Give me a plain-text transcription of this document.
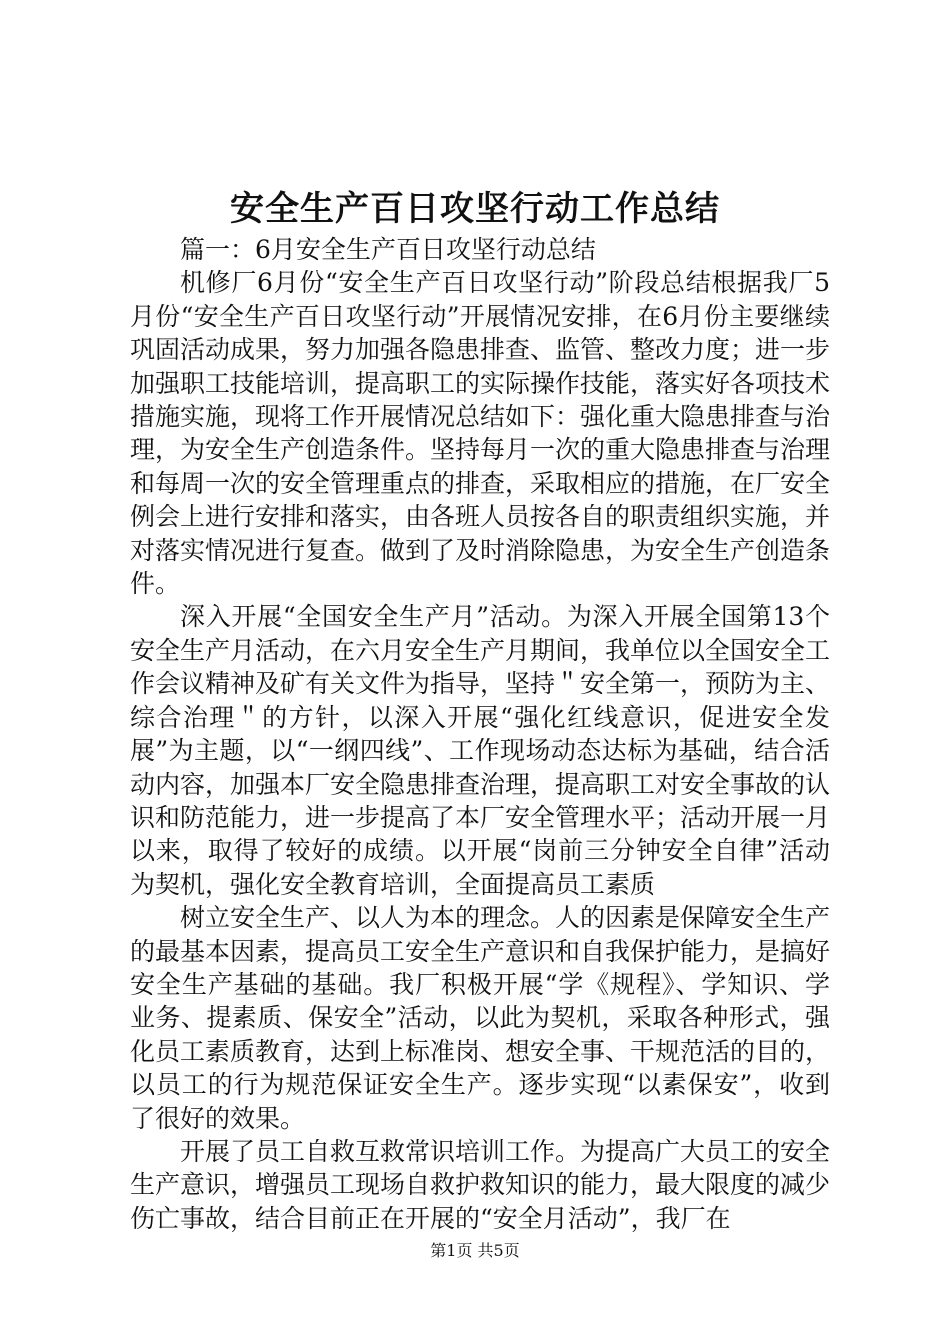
安全生产百日攻坚行动工作总结

篇一：6月安全生产百日攻坚行动总结

机修厂6月份“安全生产百日攻坚行动”阶段总结根据我厂5月份“安全生产百日攻坚行动”开展情况安排，在6月份主要继续巩固活动成果，努力加强各隐患排查、监管、整改力度；进一步加强职工技能培训，提高职工的实际操作技能，落实好各项技术措施实施，现将工作开展情况总结如下：强化重大隐患排查与治理，为安全生产创造条件。坚持每月一次的重大隐患排查与治理和每周一次的安全管理重点的排查，采取相应的措施，在厂安全例会上进行安排和落实，由各班人员按各自的职责组织实施，并对落实情况进行复查。做到了及时消除隐患，为安全生产创造条件。

深入开展“全国安全生产月”活动。为深入开展全国第13个安全生产月活动，在六月安全生产月期间，我单位以全国安全工作会议精神及矿有关文件为指导，坚持＂安全第一，预防为主、综合治理＂的方针，以深入开展“强化红线意识，促进安全发展”为主题，以“一纲四线”、工作现场动态达标为基础，结合活动内容，加强本厂安全隐患排查治理，提高职工对安全事故的认识和防范能力，进一步提高了本厂安全管理水平；活动开展一月以来，取得了较好的成绩。以开展“岗前三分钟安全自律”活动为契机，强化安全教育培训，全面提高员工素质

树立安全生产、以人为本的理念。人的因素是保障安全生产的最基本因素，提高员工安全生产意识和自我保护能力，是搞好安全生产基础的基础。我厂积极开展“学《规程》、学知识、学业务、提素质、保安全”活动，以此为契机，采取各种形式，强化员工素质教育，达到上标准岗、想安全事、干规范活的目的，以员工的行为规范保证安全生产。逐步实现“以素保安”，收到了很好的效果。

开展了员工自救互救常识培训工作。为提高广大员工的安全生产意识，增强员工现场自救护救知识的能力，最大限度的减少伤亡事故，结合目前正在开展的“安全月活动”，我厂在

第1页 共5页
